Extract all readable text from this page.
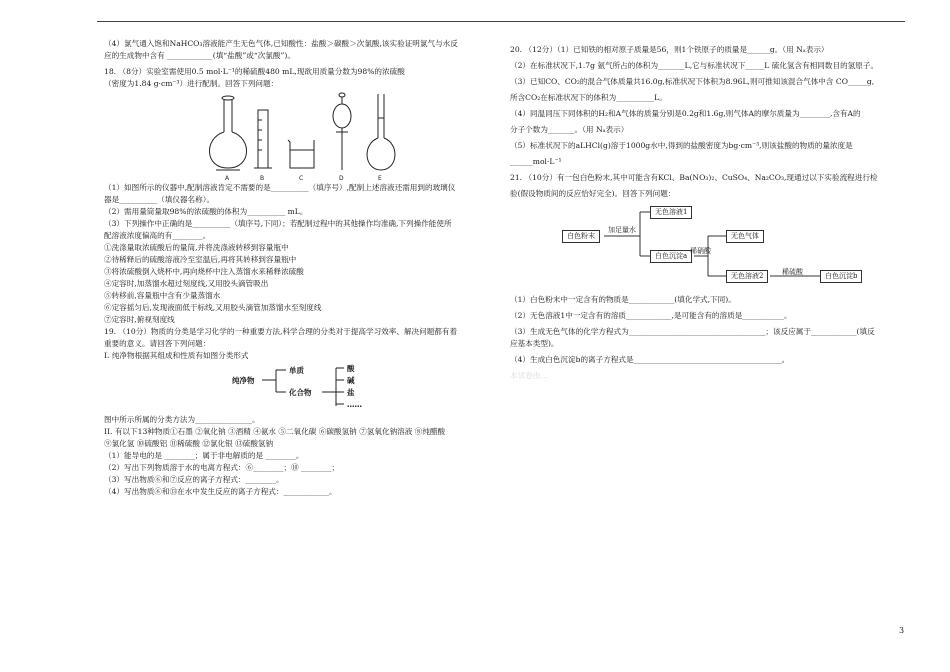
（4）氯气通入饱和NaHCO₃溶液能产生无色气体,已知酸性：盐酸＞碳酸＞次氯酸,该实验证明氯气与水反
应的生成物中含有 ____________(填“盐酸”或“次氯酸”)。
18. （8分）实验室需使用0.5 mol·L⁻¹的稀硫酸480 mL,现欲用质量分数为98%的浓硫酸
（密度为1.84 g·cm⁻³）进行配制。回答下列问题：
A	B	C	D	E
（1）如图所示的仪器中,配制溶液肯定不需要的是__________（填序号）,配制上述溶液还需用到的玻璃仪
器是__________（填仪器名称）。
（2）需用量筒量取98%的浓硫酸的体积为__________ mL。
（3）下列操作中正确的是__________（填序号,下同）；若配制过程中的其他操作均准确,下列操作能使所
配溶液浓度偏高的有________。
①洗涤量取浓硫酸后的量筒,并将洗涤液转移到容量瓶中
②待稀释后的硫酸溶液冷至室温后,再将其转移到容量瓶中
③将浓硫酸倒入烧杯中,再向烧杯中注入蒸馏水来稀释浓硫酸
④定容时,加蒸馏水超过刻度线,又用胶头滴管吸出
⑤转移前,容量瓶中含有少量蒸馏水
⑥定容摇匀后,发现液面低于标线,又用胶头滴管加蒸馏水至刻度线
⑦定容时,俯视刻度线
19. （10分）物质的分类是学习化学的一种重要方法,科学合理的分类对于提高学习效率、解决问题都有着
重要的意义。请回答下列问题：
I. 纯净物根据其组成和性质有如图分类形式
纯净物
单质
化合物
酸
碱
盐
……
图中所示所属的分类方法为_______________。
II. 有以下13种物质①石墨 ②氧化钠 ③酒精 ④氨水 ⑤二氧化碳 ⑥碳酸氢钠 ⑦氢氧化钠溶液 ⑧纯醋酸
⑨氯化氢 ⑩硫酸铝 ⑪稀硫酸 ⑫氯化银 ⑬硫酸氢钠
（1）能导电的是 ________；属于非电解质的是 ________。
（2）写出下列物质溶于水的电离方程式：⑥________；⑩ ________；
（3）写出物质⑥和⑦反应的离子方程式：________。
（4）写出物质⑥和⑬在水中发生反应的离子方程式：____________。
20. （12分）（1）已知铁的相对原子质量是56，则1个铁原子的质量是______g。（用 Nₐ表示）
（2）在标准状况下,1.7g 氨气所占的体积为_______L,它与标准状况下_____L 硫化氢含有相同数目的氢原子。
（3）已知CO、CO₂的混合气体质量共16.0g,标准状况下体积为8.96L,则可推知该混合气体中含 CO_____g,
所含CO₂在标准状况下的体积为__________L。
（4）同温同压下同体积的H₂和A气体的质量分别是0.2g和1.6g,则气体A的摩尔质量为________,含有A的
分子个数为_______。（用 Nₐ表示）
（5）标准状况下的aLHCl(g)溶于1000g水中,得到的盐酸密度为bg·cm⁻³,则该盐酸的物质的量浓度是
______mol·L⁻¹
21. （10分）有一包白色粉末,其中可能含有KCl、Ba(NO₃)₂、CuSO₄、Na₂CO₃,现通过以下实验流程进行检
验(假设物质间的反应恰好完全)。回答下列问题：
白色粉末
加足量水
无色溶液1
白色沉淀a
稀硝酸
无色气体
无色溶液2	稀硫酸	白色沉淀b
（1）白色粉末中一定含有的物质是____________(填化学式,下同)。
（2）无色溶液1中一定含有的溶质____________,是可能含有的溶质是___________。
（3）生成无色气体的化学方程式为____________________________________；该反应属于____________(填反
应基本类型)。
（4）生成白色沉淀b的离子方程式是_______________________________________。
本试卷由…
3
